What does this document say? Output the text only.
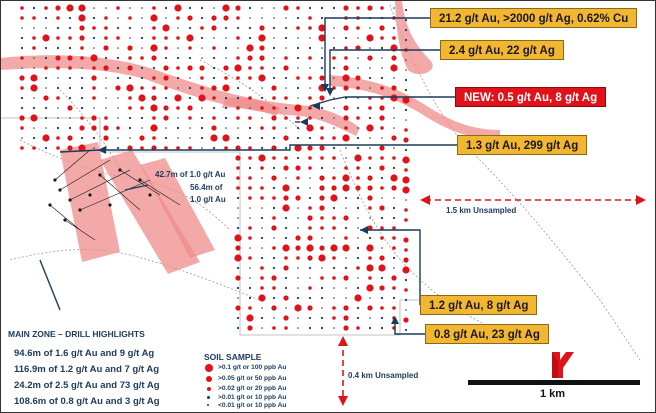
21.2 g/t Au, >2000 g/t Ag, 0.62% Cu
2.4 g/t Au, 22 g/t Ag
NEW: 0.5 g/t Au, 8 g/t Ag
1.3 g/t Au, 299 g/t Ag
1.2 g/t Au, 8 g/t Ag
0.8 g/t Au, 23 g/t Ag
42.7m of 1.0 g/t Au
56.4m of
1.0 g/t Au
1.5 km Unsampled
0.4 km Unsampled
MAIN ZONE – DRILL HIGHLIGHTS
94.6m of 1.6 g/t Au and 9 g/t Ag
116.9m of 1.2 g/t Au and 7 g/t Ag
24.2m of 2.5 g/t Au and 73 g/t Ag
108.6m of 0.8 g/t Au and 3 g/t Ag
SOIL SAMPLE
>0.1 g/t or 100 ppb Au
>0.05 g/t or 50 ppb Au
>0.02 g/t or 20 ppb Au
>0.01 g/t or 10 ppb Au
<0.01 g/t or 10 ppb Au
1 km
